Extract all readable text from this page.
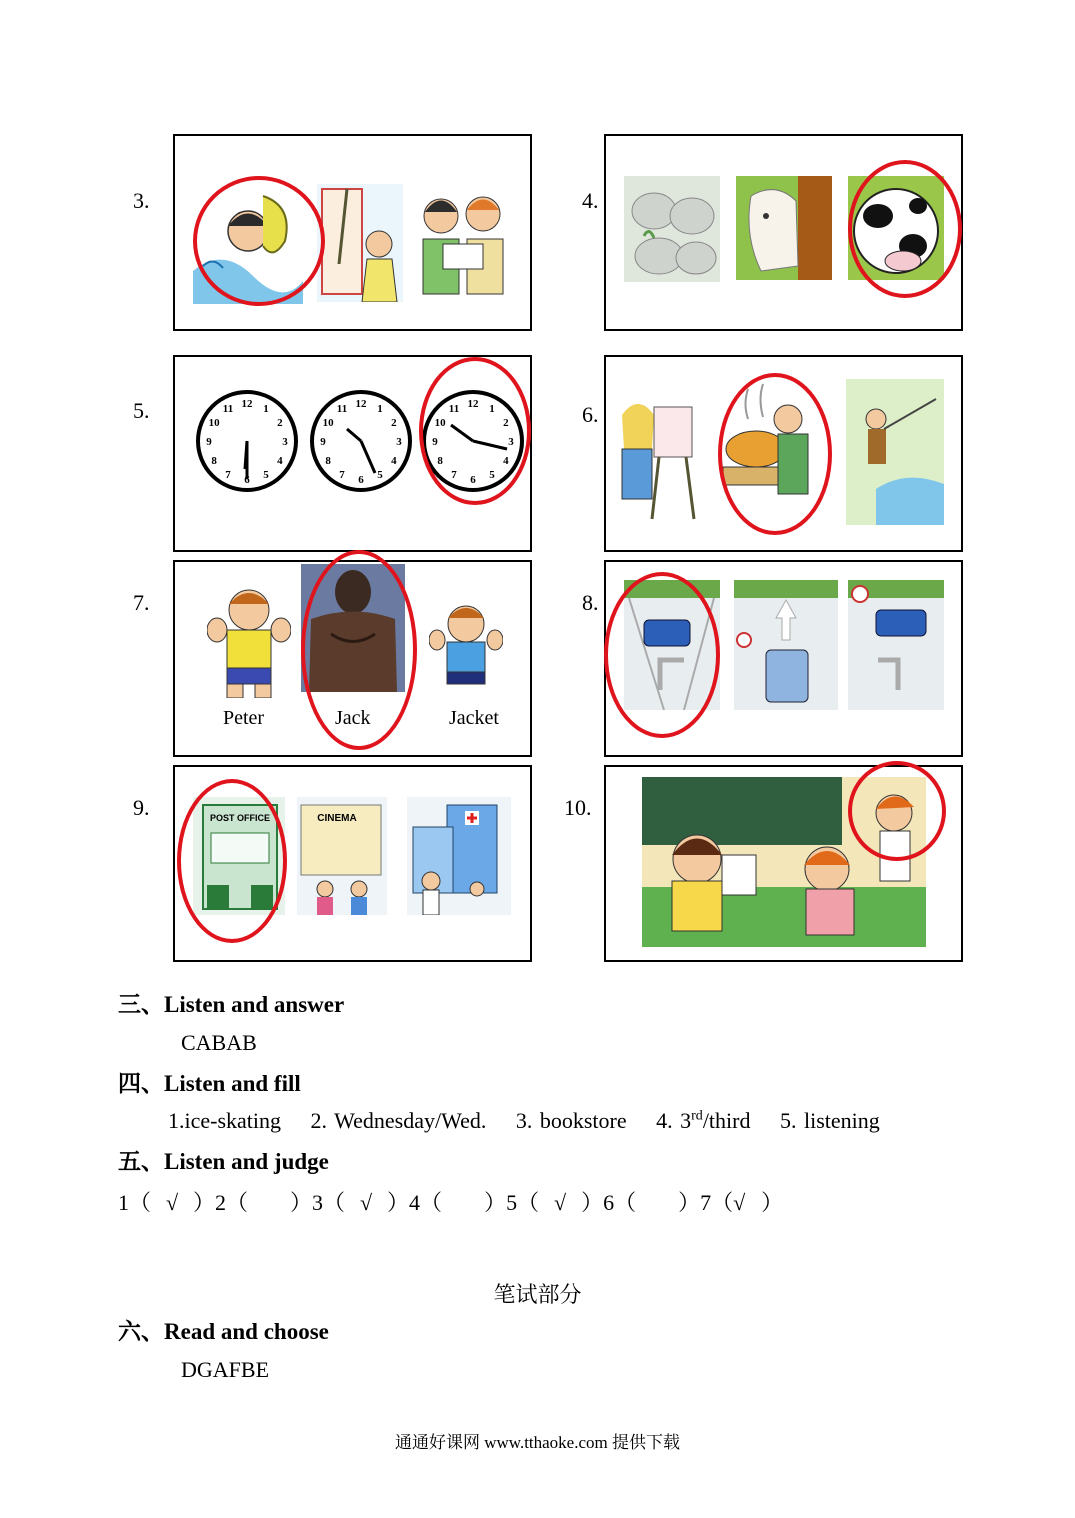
3.	4.
5.	6.
7.	8.
9.	10.
12 1
2
3
4
5
6
7
8
9
10
11	12 1
2
3
4
5
6
7
8
9
10
11	12 1
2
3
4
5
6
7
8
9
10
11
Peter	Jack	Jacket
POST OFFICE	CINEMA
三、Listen and answer
CABAB
四、Listen and fill
1.ice-skating 2. Wednesday/Wed. 3. bookstore 4. 3rd/third 5. listening
五、Listen and judge
1（ √ ）2（ ）3（ √ ）4（ ）5（ √ ）6（ ）7（√ ）
笔试部分
六、Read and choose
DGAFBE
通通好课网 www.tthaoke.com 提供下载
